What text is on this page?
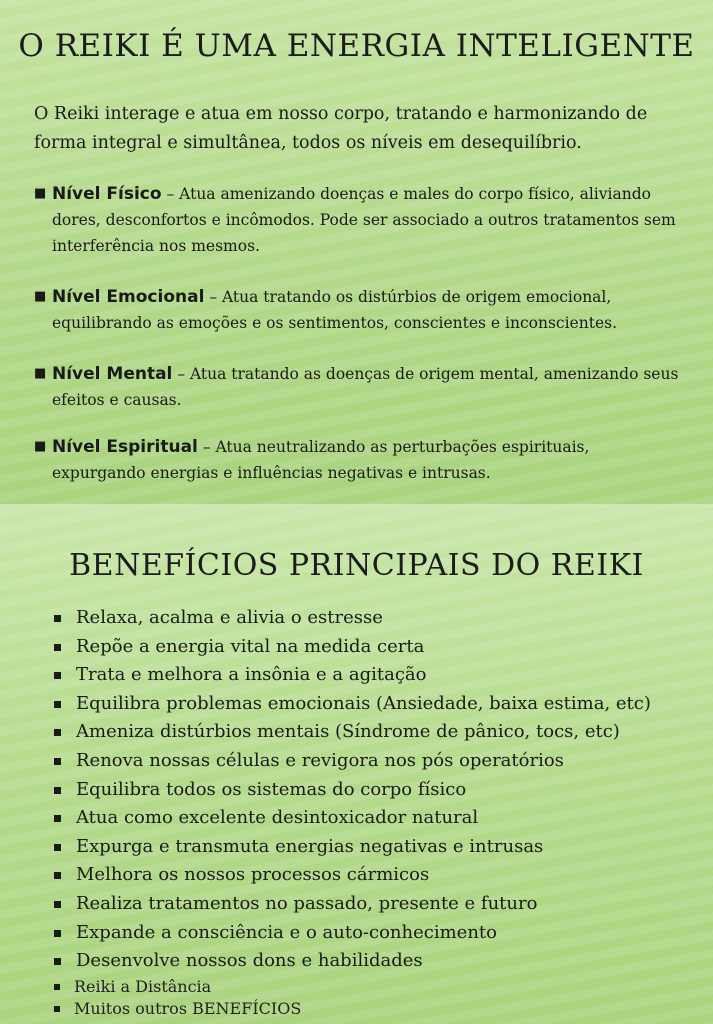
O REIKI É UMA ENERGIA INTELIGENTE

O Reiki interage e atua em nosso corpo, tratando e harmonizando de forma integral e simultânea, todos os níveis em desequilíbrio.

■ Nível Físico – Atua amenizando doenças e males do corpo físico, aliviando dores, desconfortos e incômodos. Pode ser associado a outros tratamentos sem interferência nos mesmos.

■ Nível Emocional – Atua tratando os distúrbios de origem emocional, equilibrando as emoções e os sentimentos, conscientes e inconscientes.

■ Nível Mental – Atua tratando as doenças de origem mental, amenizando seus efeitos e causas.

■ Nível Espiritual – Atua neutralizando as perturbações espirituais, expurgando energias e influências negativas e intrusas.

BENEFÍCIOS PRINCIPAIS DO REIKI
Relaxa, acalma e alivia o estresse
Repõe a energia vital na medida certa
Trata e melhora a insônia e a agitação
Equilibra problemas emocionais (Ansiedade, baixa estima, etc)
Ameniza distúrbios mentais (Síndrome de pânico, tocs, etc)
Renova nossas células e revigora nos pós operatórios
Equilibra todos os sistemas do corpo físico
Atua como excelente desintoxicador natural
Expurga e transmuta energias negativas e intrusas
Melhora os nossos processos cármicos
Realiza tratamentos no passado, presente e futuro
Expande a consciência e o auto-conhecimento
Desenvolve nossos dons e habilidades
Reiki a Distância
Muitos outros BENEFÍCIOS
